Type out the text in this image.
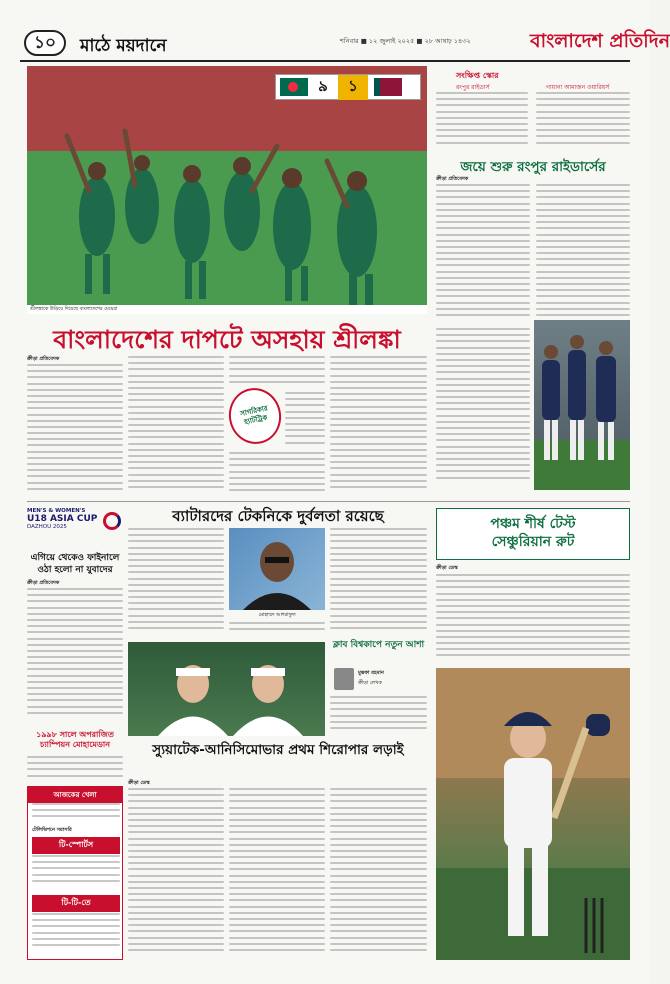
১০	মাঠে ময়দানে	শনিবার ■ ১২ জুলাই ২০২৫ ■ ২৮ আষাঢ় ১৪৩২	বাংলাদেশ প্রতিদিন
৯	১
শ্রীলঙ্কাকে উড়িয়ে দিয়েছে বাংলাদেশের মেয়েরা
সংক্ষিপ্ত স্কোর
রংপুর রাইডার্স	গায়ানা আমাজন ওয়ারিয়র্স
জয়ে শুরু রংপুর রাইডার্সের
ক্রীড়া প্রতিবেদক
বাংলাদেশের দাপটে অসহায় শ্রীলঙ্কা
ক্রীড়া প্রতিবেদক
সাগরিকার হ্যাটট্রিক
ব্যাটারদের টেকনিকে দুর্বলতা রয়েছে
মোহাম্মদ আশরাফুল
MEN'S & WOMEN'S
U18 ASIA CUP
DAZHOU 2025
এগিয়ে থেকেও ফাইনালে ওঠা হলো না যুবাদের
ক্রীড়া প্রতিবেদক
ক্লাব বিশ্বকাপে নতুন আশা
মুস্তফা রহমান
ক্রীড়া লেখক
১৯৯৮ সালে অপরাজিত চ্যাম্পিয়ন মোহামেডান
আজকের খেলা
টেলিভিশনে সরাসরি
টি-স্পোর্টস
টি-টি-তে
স্যুয়াটেক-আনিসিমোভার প্রথম শিরোপার লড়াই
ক্রীড়া ডেস্ক
পঞ্চম শীর্ষ টেস্ট
সেঞ্চুরিয়ান রুট
ক্রীড়া ডেস্ক
